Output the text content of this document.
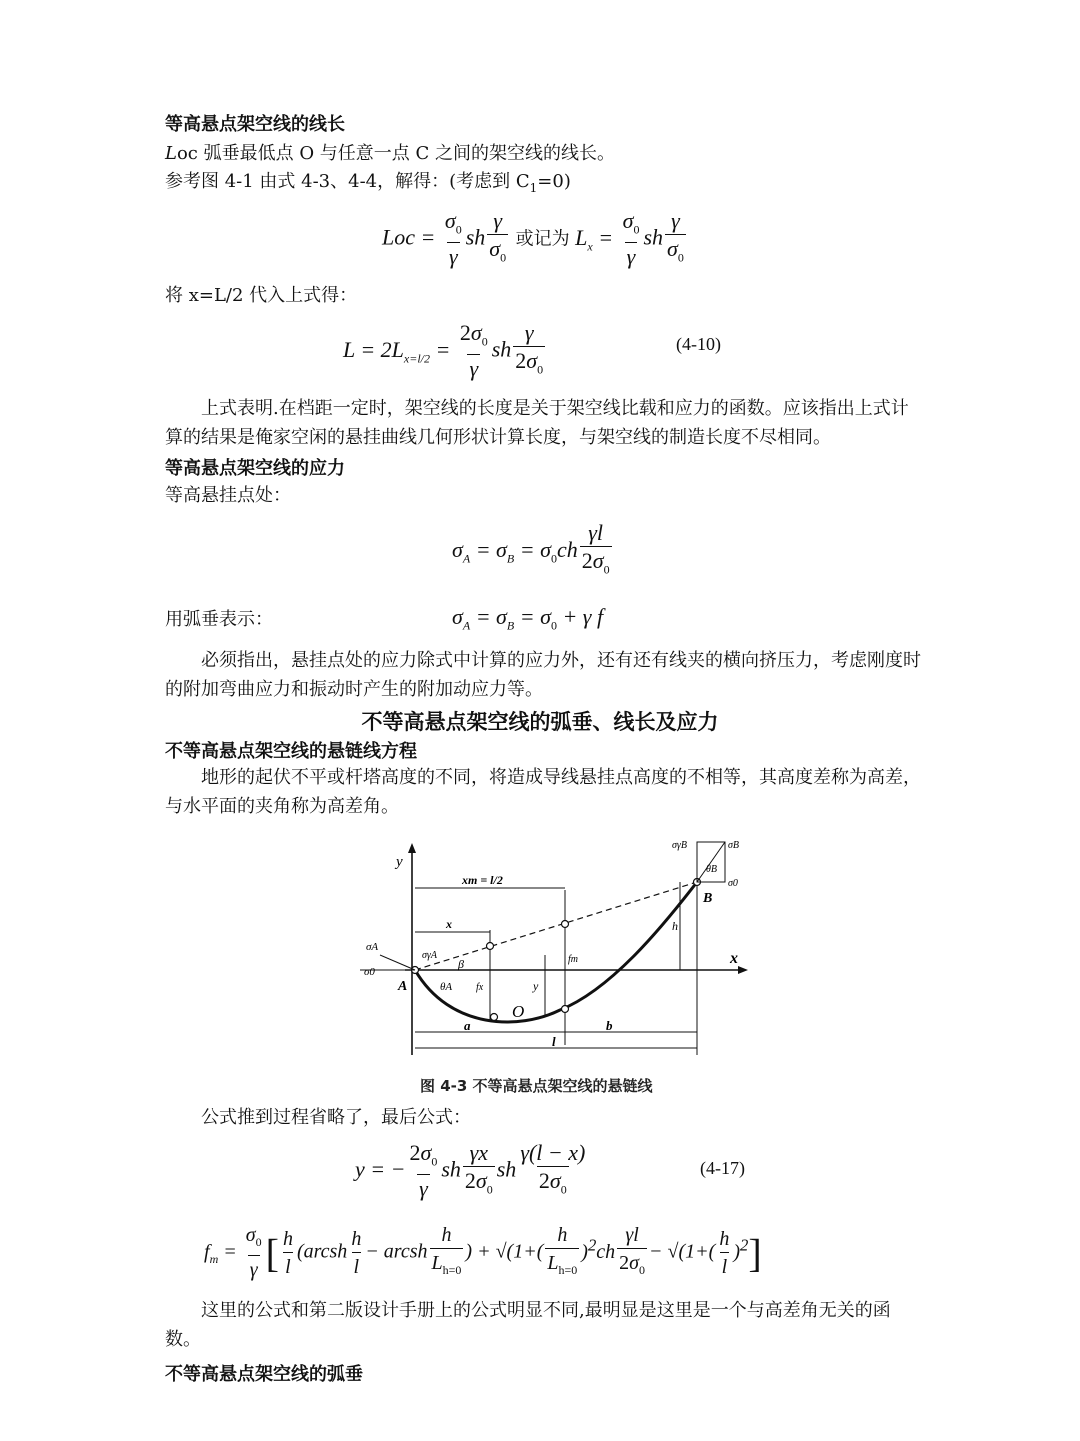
等高悬点架空线的线长
Loc 弧垂最低点 O 与任意一点 C 之间的架空线的线长。
参考图 4-1 由式 4-3、4-4，解得：(考虑到 $C_1=0$)
Loc = $\frac{\sigma_0}{\gamma}$ sh $\frac{\gamma}{\sigma_0}$ 或记为 $L_x = \frac{\sigma_0}{\gamma}$ sh $\frac{\gamma}{\sigma_0}$
将 x=L/2 代入上式得：
$L = 2L_{x=l/2} = \frac{2\sigma_0}{\gamma}$ sh $\frac{\gamma}{2\sigma_0}$	(4-10)
上式表明.在档距一定时，架空线的长度是关于架空线比载和应力的函数。应该指出上式计算的结果是俺家空闲的悬挂曲线几何形状计算长度，与架空线的制造长度不尽相同。
等高悬点架空线的应力
等高悬挂点处：
$\sigma_A = \sigma_B = \sigma_0ch \frac{\gamma l}{2\sigma_0}$
用弧垂表示：	$\sigma_A = \sigma_B = \sigma_0 + \gamma$ f
必须指出，悬挂点处的应力除式中计算的应力外，还有还有线夹的横向挤压力，考虑刚度时的附加弯曲应力和振动时产生的附加动应力等。
不等高悬点架空线的弧垂、线长及应力
不等高悬点架空线的悬链线方程
地形的起伏不平或杆塔高度的不同，将造成导线悬挂点高度的不相等，其高度差称为高差，与水平面的夹角称为高差角。
y
x
A
B
O
σA
σ0
σγA
σγB	σB
σ0
θB
θA
β
xm = l/2
x	h
fx
fm
y
a	b
l
图 4-3 不等高悬点架空线的悬链线
公式推到过程省略了，最后公式：
y = − $\frac{2\sigma_0}{\gamma}$ sh $\frac{\gamma x}{2\sigma_0}$ sh $\frac{\gamma(l - x)}{2\sigma_0}$	(4-17)
$f_m = \frac{\sigma_0}{\gamma}$ [ $\frac{h}{l}$ (arcsh $\frac{h}{l}$ − arcsh $\frac{h}{L_{h=0}}$ ) + $√(1+( \frac{h}{L_{h=0}} )^2ch \frac{\gamma l}{2\sigma_0} - √(1+( \frac{h}{l} )^2]$
这里的公式和第二版设计手册上的公式明显不同,最明显是这里是一个与高差角无关的函数。
不等高悬点架空线的弧垂
